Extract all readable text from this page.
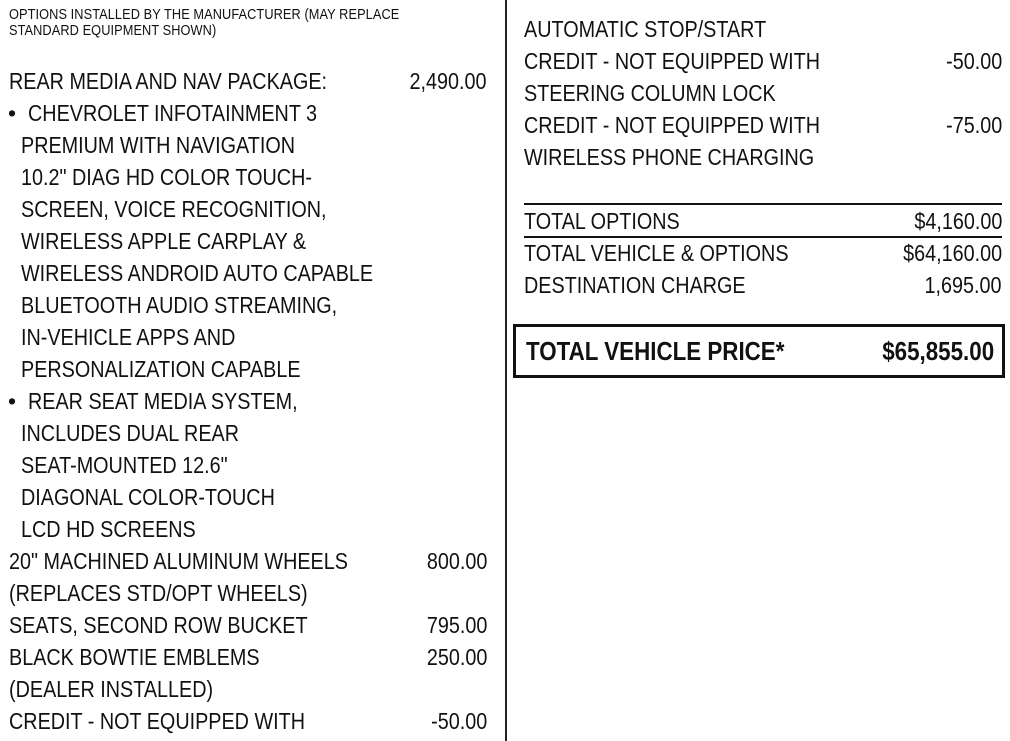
OPTIONS INSTALLED BY THE MANUFACTURER (MAY REPLACE
STANDARD EQUIPMENT SHOWN)
REAR MEDIA AND NAV PACKAGE:	2,490.00
• CHEVROLET INFOTAINMENT 3
PREMIUM WITH NAVIGATION
10.2" DIAG HD COLOR TOUCH-
SCREEN, VOICE RECOGNITION,
WIRELESS APPLE CARPLAY &
WIRELESS ANDROID AUTO CAPABLE
BLUETOOTH AUDIO STREAMING,
IN-VEHICLE APPS AND
PERSONALIZATION CAPABLE
• REAR SEAT MEDIA SYSTEM,
INCLUDES DUAL REAR
SEAT-MOUNTED 12.6"
DIAGONAL COLOR-TOUCH
LCD HD SCREENS
20" MACHINED ALUMINUM WHEELS	800.00
(REPLACES STD/OPT WHEELS)
SEATS, SECOND ROW BUCKET	795.00
BLACK BOWTIE EMBLEMS	250.00
(DEALER INSTALLED)
CREDIT - NOT EQUIPPED WITH	-50.00
AUTOMATIC STOP/START
CREDIT - NOT EQUIPPED WITH	-50.00
STEERING COLUMN LOCK
CREDIT - NOT EQUIPPED WITH	-75.00
WIRELESS PHONE CHARGING
TOTAL OPTIONS	$4,160.00
TOTAL VEHICLE & OPTIONS	$64,160.00
DESTINATION CHARGE	1,695.00
TOTAL VEHICLE PRICE*	$65,855.00
